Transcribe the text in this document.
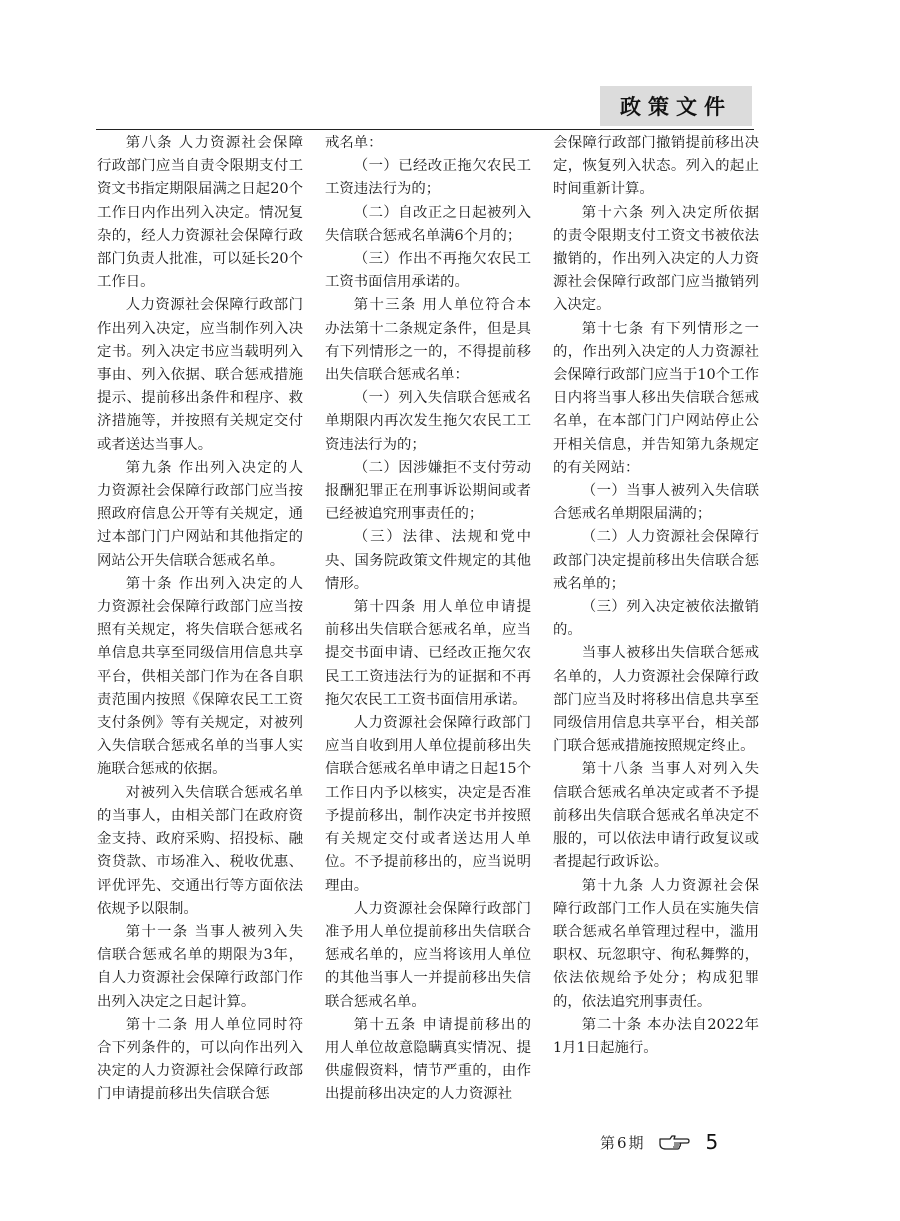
政策文件

第八条 人力资源社会保障行政部门应当自责令限期支付工资文书指定期限届满之日起20个工作日内作出列入决定。情况复杂的，经人力资源社会保障行政部门负责人批准，可以延长20个工作日。

人力资源社会保障行政部门作出列入决定，应当制作列入决定书。列入决定书应当载明列入事由、列入依据、联合惩戒措施提示、提前移出条件和程序、救济措施等，并按照有关规定交付或者送达当事人。

第九条 作出列入决定的人力资源社会保障行政部门应当按照政府信息公开等有关规定，通过本部门门户网站和其他指定的网站公开失信联合惩戒名单。

第十条 作出列入决定的人力资源社会保障行政部门应当按照有关规定，将失信联合惩戒名单信息共享至同级信用信息共享平台，供相关部门作为在各自职责范围内按照《保障农民工工资支付条例》等有关规定，对被列入失信联合惩戒名单的当事人实施联合惩戒的依据。

对被列入失信联合惩戒名单的当事人，由相关部门在政府资金支持、政府采购、招投标、融资贷款、市场准入、税收优惠、评优评先、交通出行等方面依法依规予以限制。

第十一条 当事人被列入失信联合惩戒名单的期限为3年，自人力资源社会保障行政部门作出列入决定之日起计算。

第十二条 用人单位同时符合下列条件的，可以向作出列入决定的人力资源社会保障行政部门申请提前移出失信联合惩

戒名单：

（一）已经改正拖欠农民工工资违法行为的；

（二）自改正之日起被列入失信联合惩戒名单满6个月的；

（三）作出不再拖欠农民工工资书面信用承诺的。

第十三条 用人单位符合本办法第十二条规定条件，但是具有下列情形之一的，不得提前移出失信联合惩戒名单：

（一）列入失信联合惩戒名单期限内再次发生拖欠农民工工资违法行为的；

（二）因涉嫌拒不支付劳动报酬犯罪正在刑事诉讼期间或者已经被追究刑事责任的；

（三）法律、法规和党中央、国务院政策文件规定的其他情形。

第十四条 用人单位申请提前移出失信联合惩戒名单，应当提交书面申请、已经改正拖欠农民工工资违法行为的证据和不再拖欠农民工工资书面信用承诺。

人力资源社会保障行政部门应当自收到用人单位提前移出失信联合惩戒名单申请之日起15个工作日内予以核实，决定是否准予提前移出，制作决定书并按照有关规定交付或者送达用人单位。不予提前移出的，应当说明理由。

人力资源社会保障行政部门准予用人单位提前移出失信联合惩戒名单的，应当将该用人单位的其他当事人一并提前移出失信联合惩戒名单。

第十五条 申请提前移出的用人单位故意隐瞒真实情况、提供虚假资料，情节严重的，由作出提前移出决定的人力资源社

会保障行政部门撤销提前移出决定，恢复列入状态。列入的起止时间重新计算。

第十六条 列入决定所依据的责令限期支付工资文书被依法撤销的，作出列入决定的人力资源社会保障行政部门应当撤销列入决定。

第十七条 有下列情形之一的，作出列入决定的人力资源社会保障行政部门应当于10个工作日内将当事人移出失信联合惩戒名单，在本部门门户网站停止公开相关信息，并告知第九条规定的有关网站：

（一）当事人被列入失信联合惩戒名单期限届满的；

（二）人力资源社会保障行政部门决定提前移出失信联合惩戒名单的；

（三）列入决定被依法撤销的。

当事人被移出失信联合惩戒名单的，人力资源社会保障行政部门应当及时将移出信息共享至同级信用信息共享平台，相关部门联合惩戒措施按照规定终止。

第十八条 当事人对列入失信联合惩戒名单决定或者不予提前移出失信联合惩戒名单决定不服的，可以依法申请行政复议或者提起行政诉讼。

第十九条 人力资源社会保障行政部门工作人员在实施失信联合惩戒名单管理过程中，滥用职权、玩忽职守、徇私舞弊的，依法依规给予处分；构成犯罪的，依法追究刑事责任。

第二十条 本办法自2022年1月1日起施行。

第6期	5
